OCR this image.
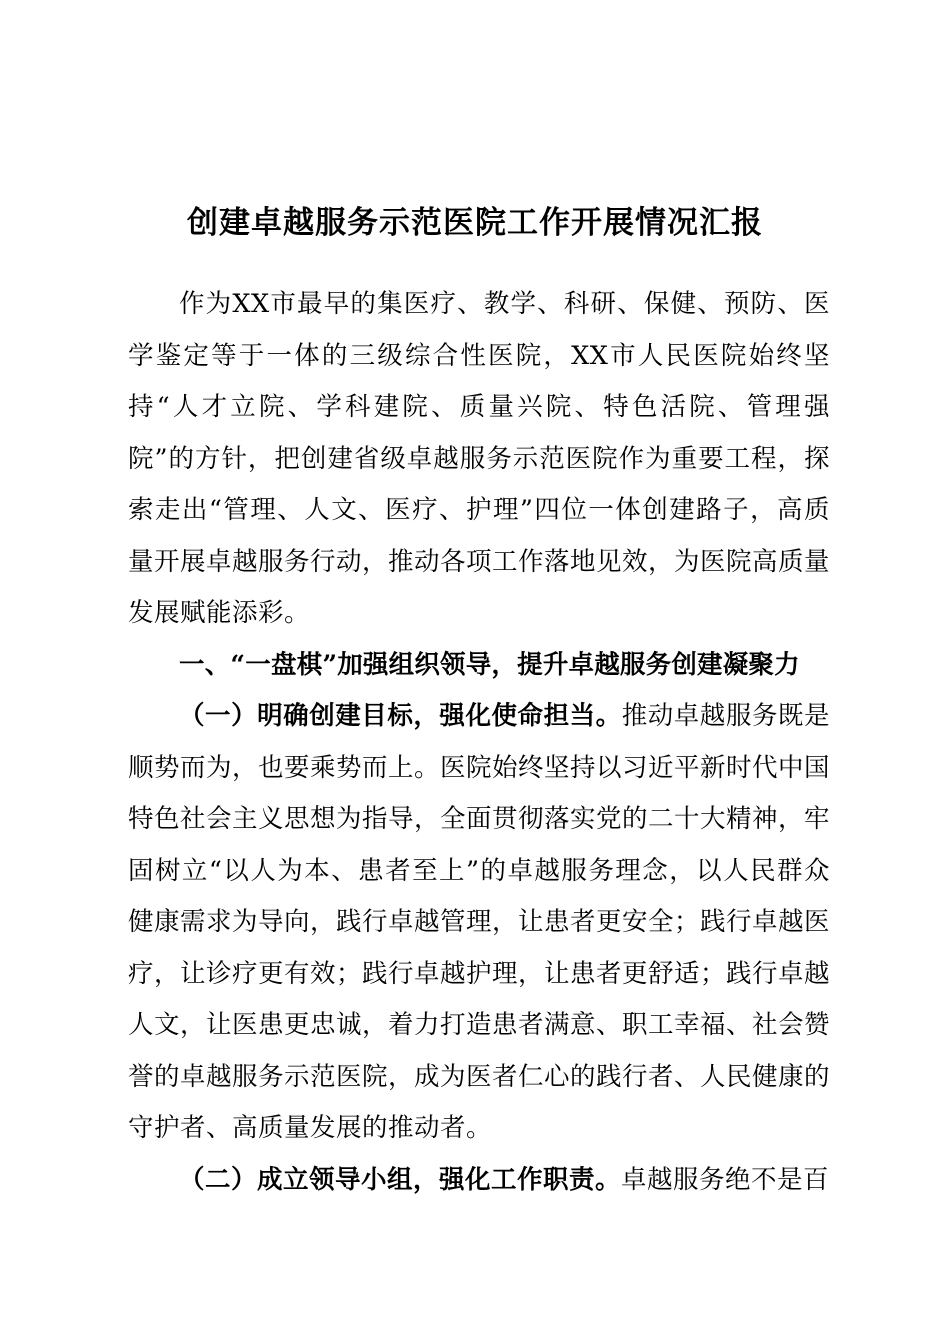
创建卓越服务示范医院工作开展情况汇报

作为XX市最早的集医疗、教学、科研、保健、预防、医学鉴定等于一体的三级综合性医院，XX市人民医院始终坚持“人才立院、学科建院、质量兴院、特色活院、管理强院”的方针，把创建省级卓越服务示范医院作为重要工程，探索走出“管理、人文、医疗、护理”四位一体创建路子，高质量开展卓越服务行动，推动各项工作落地见效，为医院高质量发展赋能添彩。

一、“一盘棋”加强组织领导，提升卓越服务创建凝聚力

（一）明确创建目标，强化使命担当。推动卓越服务既是顺势而为，也要乘势而上。医院始终坚持以习近平新时代中国特色社会主义思想为指导，全面贯彻落实党的二十大精神，牢固树立“以人为本、患者至上”的卓越服务理念，以人民群众健康需求为导向，践行卓越管理，让患者更安全；践行卓越医疗，让诊疗更有效；践行卓越护理，让患者更舒适；践行卓越人文，让医患更忠诚，着力打造患者满意、职工幸福、社会赞誉的卓越服务示范医院，成为医者仁心的践行者、人民健康的守护者、高质量发展的推动者。

（二）成立领导小组，强化工作职责。卓越服务绝不是百
